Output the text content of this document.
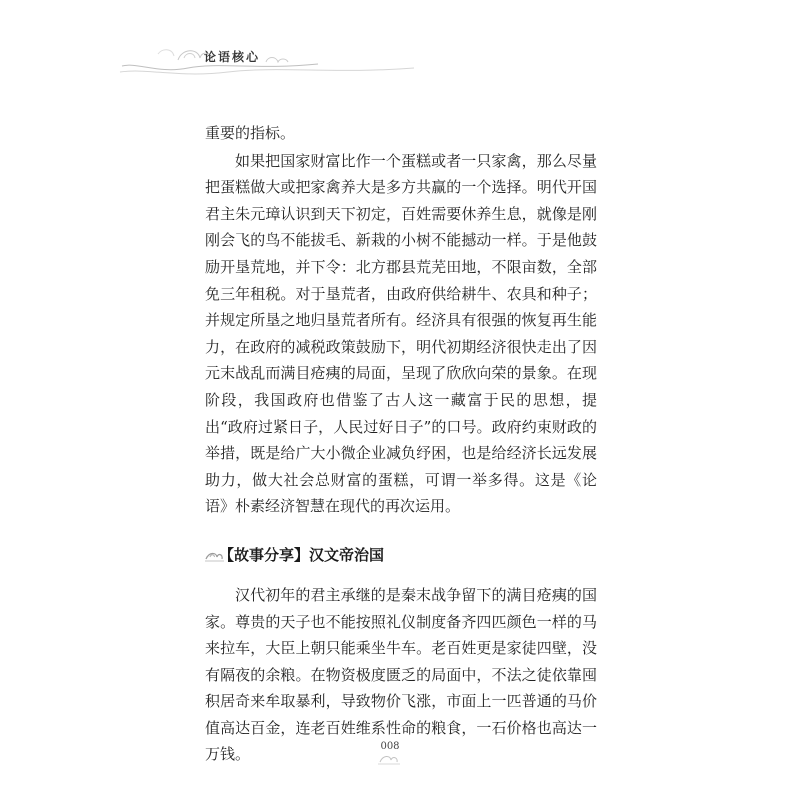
论语核心

重要的指标。

如果把国家财富比作一个蛋糕或者一只家禽，那么尽量把蛋糕做大或把家禽养大是多方共赢的一个选择。明代开国君主朱元璋认识到天下初定，百姓需要休养生息，就像是刚刚会飞的鸟不能拔毛、新栽的小树不能撼动一样。于是他鼓励开垦荒地，并下令：北方郡县荒芜田地，不限亩数，全部免三年租税。对于垦荒者，由政府供给耕牛、农具和种子；并规定所垦之地归垦荒者所有。经济具有很强的恢复再生能力，在政府的减税政策鼓励下，明代初期经济很快走出了因元末战乱而满目疮痍的局面，呈现了欣欣向荣的景象。在现阶段，我国政府也借鉴了古人这一藏富于民的思想，提出“政府过紧日子，人民过好日子”的口号。政府约束财政的举措，既是给广大小微企业减负纾困，也是给经济长远发展助力，做大社会总财富的蛋糕，可谓一举多得。这是《论语》朴素经济智慧在现代的再次运用。

【故事分享】汉文帝治国

汉代初年的君主承继的是秦末战争留下的满目疮痍的国家。尊贵的天子也不能按照礼仪制度备齐四匹颜色一样的马来拉车，大臣上朝只能乘坐牛车。老百姓更是家徒四壁，没有隔夜的余粮。在物资极度匮乏的局面中，不法之徒依靠囤积居奇来牟取暴利，导致物价飞涨，市面上一匹普通的马价值高达百金，连老百姓维系性命的粮食，一石价格也高达一万钱。	008
